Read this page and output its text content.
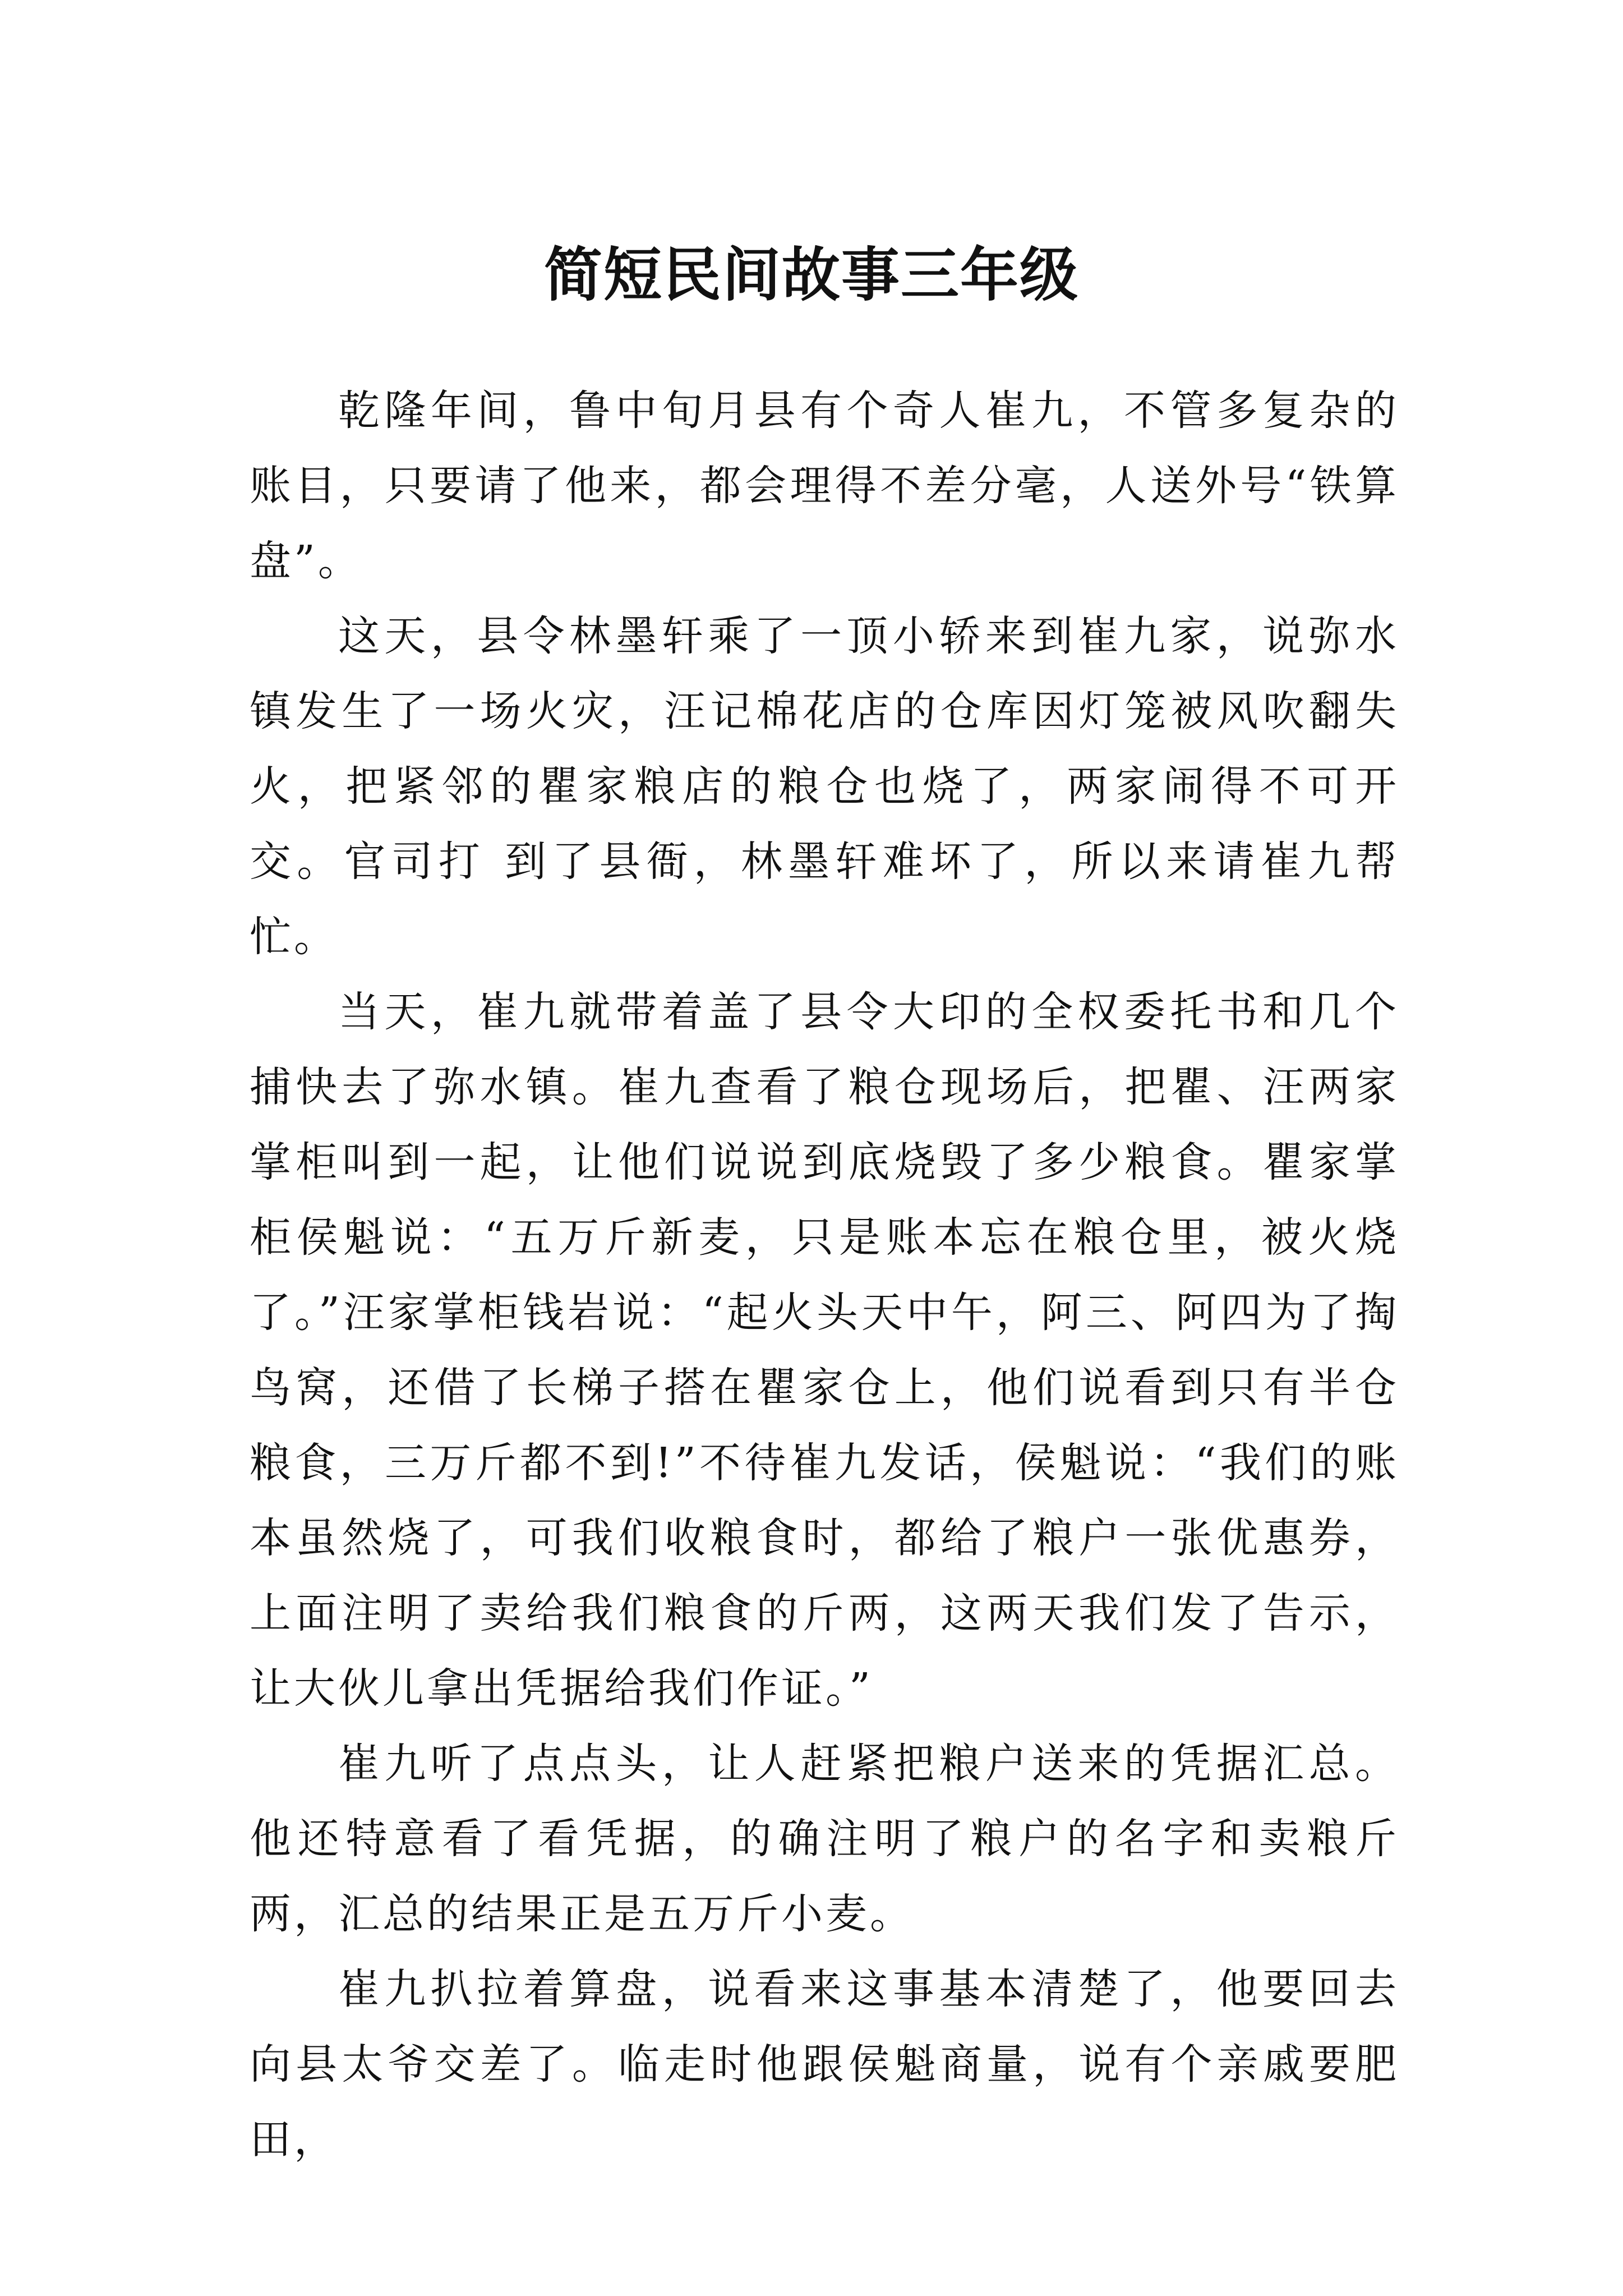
简短民间故事三年级

乾隆年间，鲁中旬月县有个奇人崔九，不管多复杂的账目，只要请了他来，都会理得不差分毫，人送外号“铁算盘”。

这天，县令林墨轩乘了一顶小轿来到崔九家，说弥水镇发生了一场火灾，汪记棉花店的仓库因灯笼被风吹翻失火，把紧邻的瞿家粮店的粮仓也烧了，两家闹得不可开交。官司打 到了县衙，林墨轩难坏了，所以来请崔九帮忙。

当天，崔九就带着盖了县令大印的全权委托书和几个捕快去了弥水镇。崔九查看了粮仓现场后，把瞿、汪两家掌柜叫到一起，让他们说说到底烧毁了多少粮食。瞿家掌柜侯魁说：“五万斤新麦，只是账本忘在粮仓里，被火烧了。”汪家掌柜钱岩说：“起火头天中午，阿三、阿四为了掏鸟窝，还借了长梯子搭在瞿家仓上，他们说看到只有半仓粮食，三万斤都不到!”不待崔九发话，侯魁说：“我们的账本虽然烧了，可我们收粮食时，都给了粮户一张优惠券，上面注明了卖给我们粮食的斤两，这两天我们发了告示，让大伙儿拿出凭据给我们作证。”

崔九听了点点头，让人赶紧把粮户送来的凭据汇总。他还特意看了看凭据，的确注明了粮户的名字和卖粮斤两，汇总的结果正是五万斤小麦。

崔九扒拉着算盘，说看来这事基本清楚了，他要回去向县太爷交差了。临走时他跟侯魁商量，说有个亲戚要肥田，
